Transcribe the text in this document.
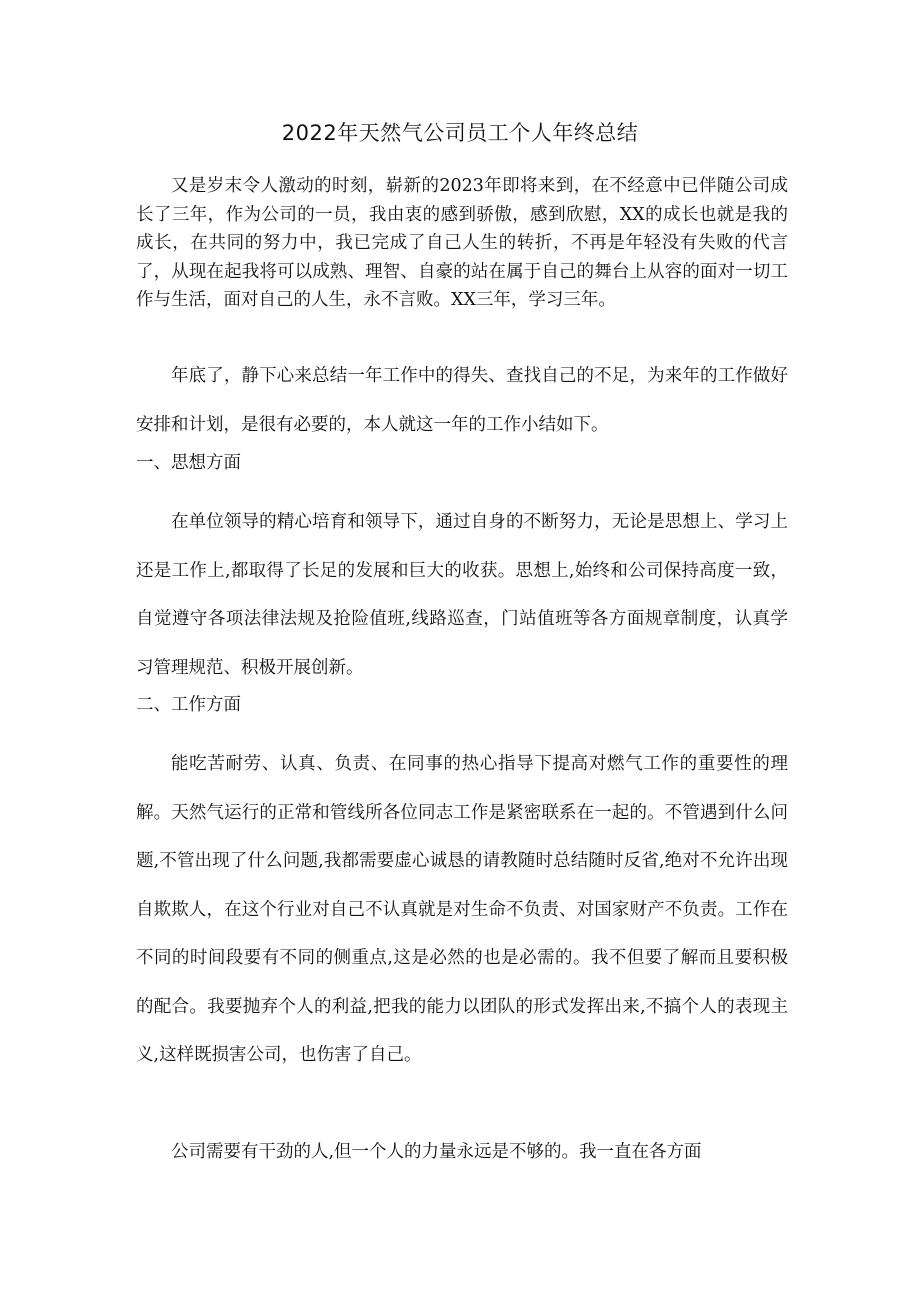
2022年天然气公司员工个人年终总结

又是岁末令人激动的时刻，崭新的2023年即将来到，在不经意中已伴随公司成长了三年，作为公司的一员，我由衷的感到骄傲，感到欣慰，XX的成长也就是我的成长，在共同的努力中，我已完成了自己人生的转折，不再是年轻没有失败的代言了，从现在起我将可以成熟、理智、自豪的站在属于自己的舞台上从容的面对一切工作与生活，面对自己的人生，永不言败。XX三年，学习三年。

年底了，静下心来总结一年工作中的得失、查找自己的不足，为来年的工作做好安排和计划，是很有必要的，本人就这一年的工作小结如下。

一、思想方面

在单位领导的精心培育和领导下，通过自身的不断努力，无论是思想上、学习上还是工作上,都取得了长足的发展和巨大的收获。思想上,始终和公司保持高度一致，自觉遵守各项法律法规及抢险值班,线路巡查，门站值班等各方面规章制度，认真学习管理规范、积极开展创新。

二、工作方面

能吃苦耐劳、认真、负责、在同事的热心指导下提高对燃气工作的重要性的理解。天然气运行的正常和管线所各位同志工作是紧密联系在一起的。不管遇到什么问题,不管出现了什么问题,我都需要虚心诚恳的请教随时总结随时反省,绝对不允许出现自欺欺人，在这个行业对自己不认真就是对生命不负责、对国家财产不负责。工作在不同的时间段要有不同的侧重点,这是必然的也是必需的。我不但要了解而且要积极的配合。我要抛弃个人的利益,把我的能力以团队的形式发挥出来,不搞个人的表现主义,这样既损害公司，也伤害了自己。

公司需要有干劲的人,但一个人的力量永远是不够的。我一直在各方面
